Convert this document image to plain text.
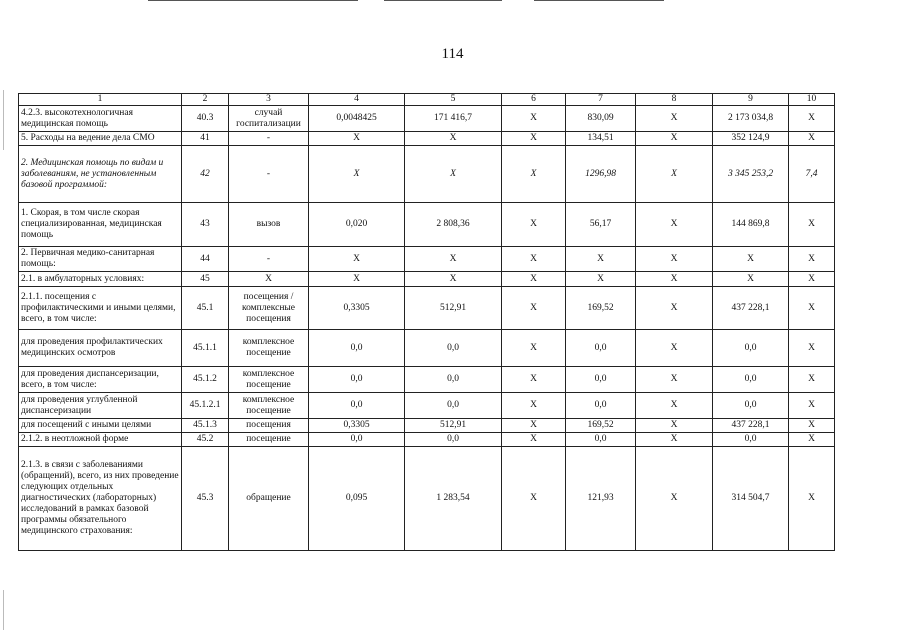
114
1	2	3	4	5	6	7	8	9	10
4.2.3. высокотехнологичная медицинская помощь	40.3	случай госпитализации	0,0048425	171 416,7	X	830,09	X	2 173 034,8	X
5. Расходы на ведение дела СМО	41	-	X	X	X	134,51	X	352 124,9	X
2. Медицинская помощь по видам и заболеваниям, не установленным базовой программой:	42	-	X	X	X	1296,98	X	3 345 253,2	7,4
1. Скорая, в том числе скорая специализированная, медицинская помощь	43	вызов	0,020	2 808,36	X	56,17	X	144 869,8	X
2. Первичная медико-санитарная помощь:	44	-	X	X	X	X	X	X	X
2.1. в амбулаторных условиях:	45	X	X	X	X	X	X	X	X
2.1.1. посещения с профилактическими и иными целями, всего, в том числе:	45.1	посещения / комплексные посещения	0,3305	512,91	X	169,52	X	437 228,1	X
для проведения профилактических медицинских осмотров	45.1.1	комплексное посещение	0,0	0,0	X	0,0	X	0,0	X
для проведения диспансеризации, всего, в том числе:	45.1.2	комплексное посещение	0,0	0,0	X	0,0	X	0,0	X
для проведения углубленной диспансеризации	45.1.2.1	комплексное посещение	0,0	0,0	X	0,0	X	0,0	X
для посещений с иными целями	45.1.3	посещения	0,3305	512,91	X	169,52	X	437 228,1	X
2.1.2. в неотложной форме	45.2	посещение	0,0	0,0	X	0,0	X	0,0	X
2.1.3. в связи с заболеваниями (обращений), всего, из них проведение следующих отдельных диагностических (лабораторных) исследований в рамках базовой программы обязательного медицинского страхования:	45.3	обращение	0,095	1 283,54	X	121,93	X	314 504,7	X
